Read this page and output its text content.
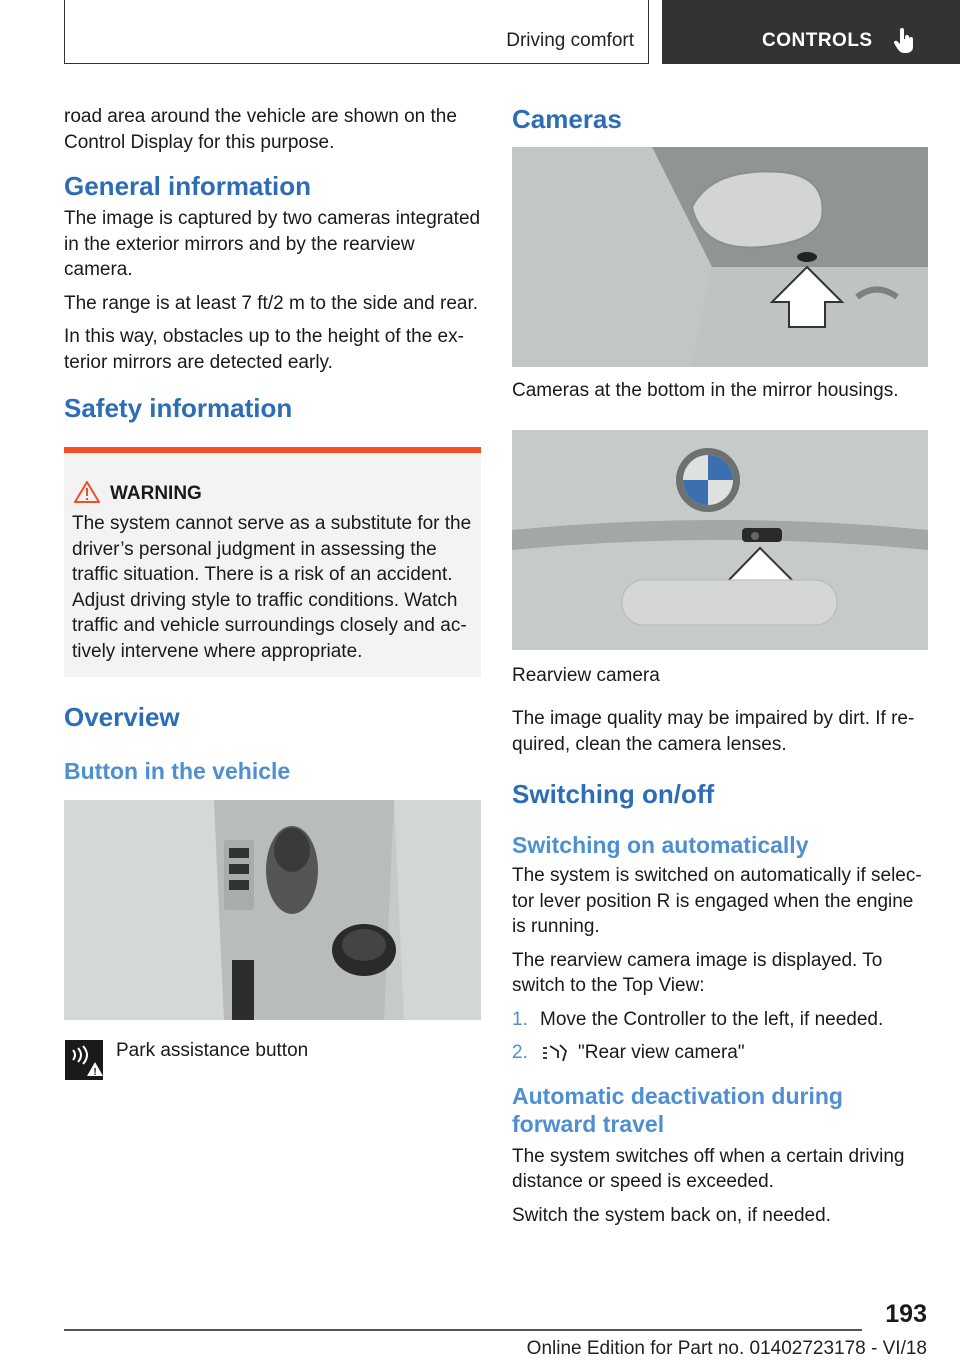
Driving comfort	CONTROLS

road area around the vehicle are shown on the Control Display for this purpose.

General information

The image is captured by two cameras integrated in the exterior mirrors and by the rearview camera.

The range is at least 7 ft/2 m to the side and rear.

In this way, obstacles up to the height of the exterior mirrors are detected early.

Safety information
WARNING
The system cannot serve as a substitute for the driver’s personal judgment in assessing the traffic situation. There is a risk of an accident. Adjust driving style to traffic conditions. Watch traffic and vehicle surroundings closely and actively intervene where appropriate.
Overview
Button in the vehicle
!
Park assistance button
Cameras
Cameras at the bottom in the mirror housings.
Rearview camera

The image quality may be impaired by dirt. If required, clean the camera lenses.

Switching on/off
Switching on automatically

The system is switched on automatically if selector lever position R is engaged when the engine is running.

The rearview camera image is displayed. To switch to the Top View:

1. Move the Controller to the left, if needed.
2.	"Rear view camera"
Automatic deactivation during forward travel

The system switches off when a certain driving distance or speed is exceeded.

Switch the system back on, if needed.

193
Online Edition for Part no. 01402723178 - VI/18
